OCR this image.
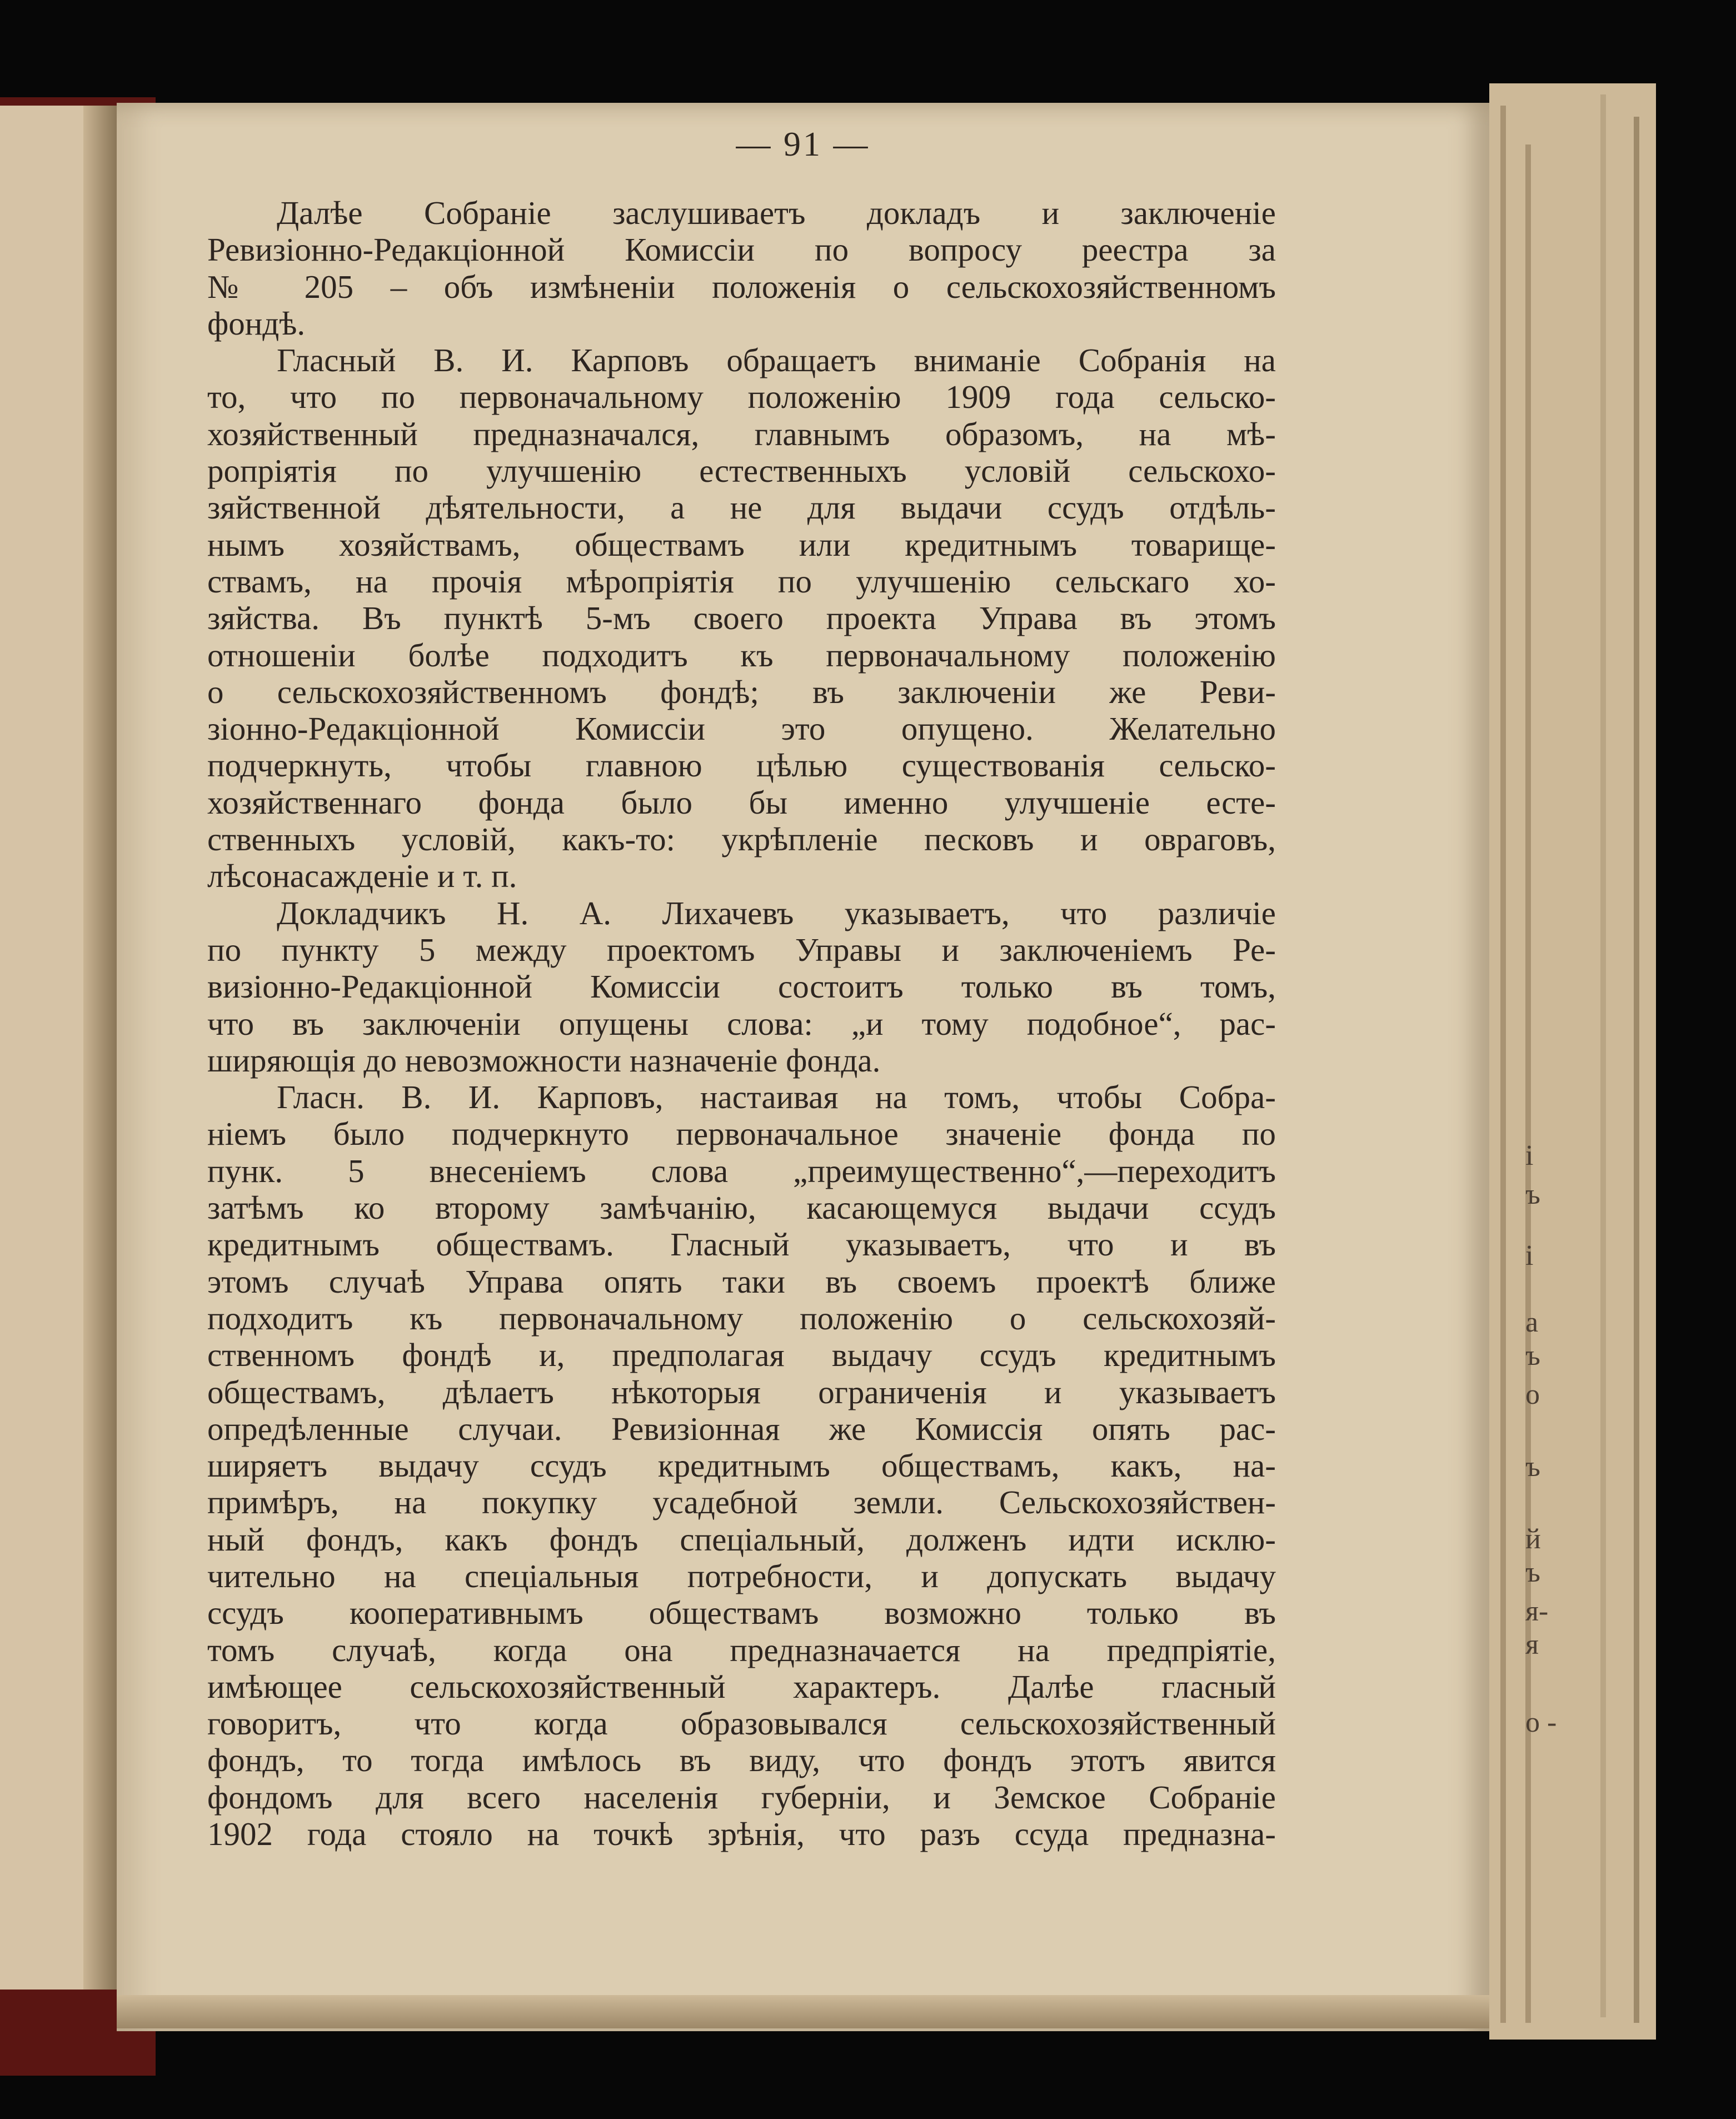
і
ъ
і
а
ъ
о
ъ
й
ъ
я-
я
о -
— 91 —
Далѣе Собраніе заслушиваетъ докладъ и заключеніе
Ревизіонно-Редакціонной Комиссіи по вопросу реестра за
№ 205 – объ измѣненіи положенія о сельскохозяйственномъ
фондѣ.
Гласный В. И. Карповъ обращаетъ вниманіе Собранія на
то, что по первоначальному положенію 1909 года сельско-
хозяйственный предназначался, главнымъ образомъ, на мѣ-
ропріятія по улучшенію естественныхъ условій сельскохо-
зяйственной дѣятельности, а не для выдачи ссудъ отдѣль-
нымъ хозяйствамъ, обществамъ или кредитнымъ товарище-
ствамъ, на прочія мѣропріятія по улучшенію сельскаго хо-
зяйства. Въ пунктѣ 5-мъ своего проекта Управа въ этомъ
отношеніи болѣе подходитъ къ первоначальному положенію
о сельскохозяйственномъ фондѣ; въ заключеніи же Реви-
зіонно-Редакціонной Комиссіи это опущено. Желательно
подчеркнуть, чтобы главною цѣлью существованія сельско-
хозяйственнаго фонда было бы именно улучшеніе есте-
ственныхъ условій, какъ-то: укрѣпленіе песковъ и овраговъ,
лѣсонасажденіе и т. п.
Докладчикъ Н. А. Лихачевъ указываетъ, что различіе
по пункту 5 между проектомъ Управы и заключеніемъ Ре-
визіонно-Редакціонной Комиссіи состоитъ только въ томъ,
что въ заключеніи опущены слова: „и тому подобное“, рас-
ширяющія до невозможности назначеніе фонда.
Гласн. В. И. Карповъ, настаивая на томъ, чтобы Собра-
ніемъ было подчеркнуто первоначальное значеніе фонда по
пунк. 5 внесеніемъ слова „преимущественно“,—переходитъ
затѣмъ ко второму замѣчанію, касающемуся выдачи ссудъ
кредитнымъ обществамъ. Гласный указываетъ, что и въ
этомъ случаѣ Управа опять таки въ своемъ проектѣ ближе
подходитъ къ первоначальному положенію о сельскохозяй-
ственномъ фондѣ и, предполагая выдачу ссудъ кредитнымъ
обществамъ, дѣлаетъ нѣкоторыя ограниченія и указываетъ
опредѣленные случаи. Ревизіонная же Комиссія опять рас-
ширяетъ выдачу ссудъ кредитнымъ обществамъ, какъ, на-
примѣръ, на покупку усадебной земли. Сельскохозяйствен-
ный фондъ, какъ фондъ спеціальный, долженъ идти исклю-
чительно на спеціальныя потребности, и допускать выдачу
ссудъ кооперативнымъ обществамъ возможно только въ
томъ случаѣ, когда она предназначается на предпріятіе,
имѣющее сельскохозяйственный характеръ. Далѣе гласный
говоритъ, что когда образовывался сельскохозяйственный
фондъ, то тогда имѣлось въ виду, что фондъ этотъ явится
фондомъ для всего населенія губерніи, и Земское Собраніе
1902 года стояло на точкѣ зрѣнія, что разъ ссуда предназна-
